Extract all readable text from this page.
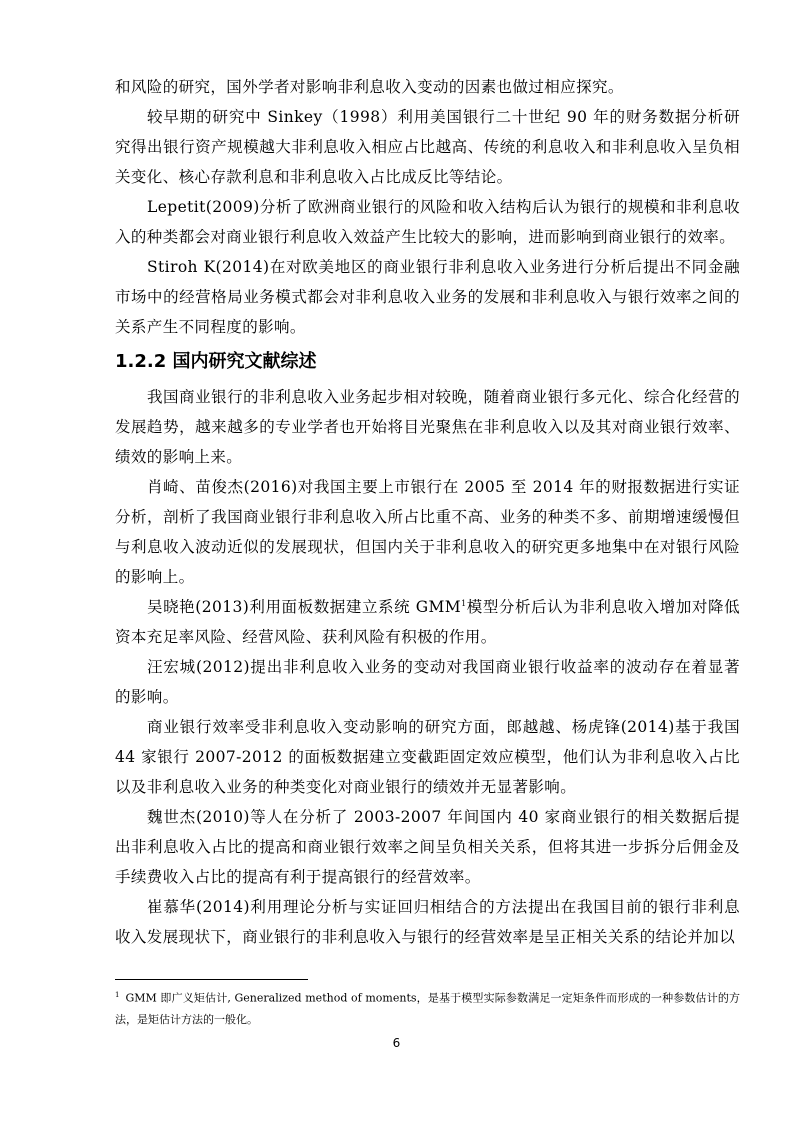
和风险的研究，国外学者对影响非利息收入变动的因素也做过相应探究。

较早期的研究中 Sinkey（1998）利用美国银行二十世纪 90 年的财务数据分析研究得出银行资产规模越大非利息收入相应占比越高、传统的利息收入和非利息收入呈负相关变化、核心存款利息和非利息收入占比成反比等结论。

Lepetit(2009)分析了欧洲商业银行的风险和收入结构后认为银行的规模和非利息收入的种类都会对商业银行利息收入效益产生比较大的影响，进而影响到商业银行的效率。

Stiroh K(2014)在对欧美地区的商业银行非利息收入业务进行分析后提出不同金融市场中的经营格局业务模式都会对非利息收入业务的发展和非利息收入与银行效率之间的关系产生不同程度的影响。

1.2.2 国内研究文献综述

我国商业银行的非利息收入业务起步相对较晚，随着商业银行多元化、综合化经营的发展趋势，越来越多的专业学者也开始将目光聚焦在非利息收入以及其对商业银行效率、绩效的影响上来。

肖崎、苗俊杰(2016)对我国主要上市银行在 2005 至 2014 年的财报数据进行实证分析，剖析了我国商业银行非利息收入所占比重不高、业务的种类不多、前期增速缓慢但与利息收入波动近似的发展现状，但国内关于非利息收入的研究更多地集中在对银行风险的影响上。

吴晓艳(2013)利用面板数据建立系统 GMM$^1$模型分析后认为非利息收入增加对降低资本充足率风险、经营风险、获利风险有积极的作用。

汪宏城(2012)提出非利息收入业务的变动对我国商业银行收益率的波动存在着显著的影响。

商业银行效率受非利息收入变动影响的研究方面，郎越越、杨虎锋(2014)基于我国 44 家银行 2007-2012 的面板数据建立变截距固定效应模型，他们认为非利息收入占比以及非利息收入业务的种类变化对商业银行的绩效并无显著影响。

魏世杰(2010)等人在分析了 2003-2007 年间国内 40 家商业银行的相关数据后提出非利息收入占比的提高和商业银行效率之间呈负相关关系，但将其进一步拆分后佣金及手续费收入占比的提高有利于提高银行的经营效率。

崔慕华(2014)利用理论分析与实证回归相结合的方法提出在我国目前的银行非利息收入发展现状下，商业银行的非利息收入与银行的经营效率是呈正相关关系的结论并加以

$^1$ GMM 即广义矩估计, Generalized method of moments，是基于模型实际参数满足一定矩条件而形成的一种参数估计的方法，是矩估计方法的一般化。
6
